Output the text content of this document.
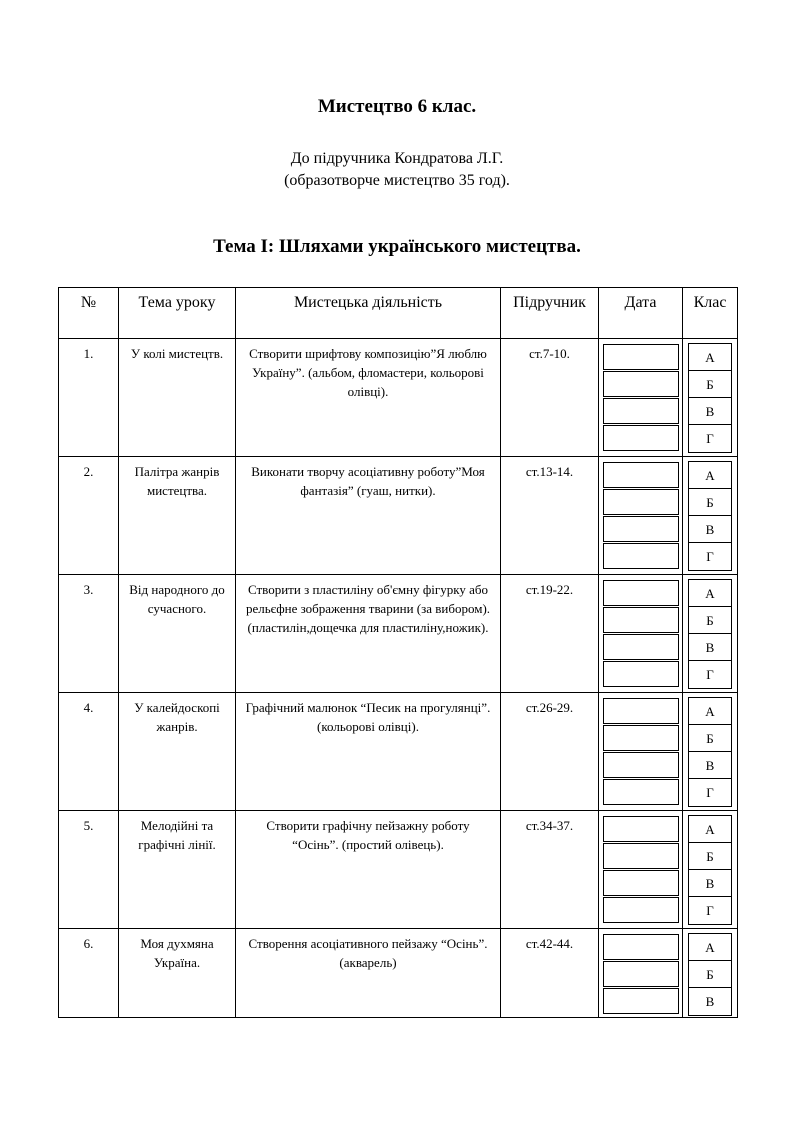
Мистецтво 6 клас.
До підручника Кондратова Л.Г.
(образотворче мистецтво 35 год).
Тема І: Шляхами українського мистецтва.
№	Тема уроку	Мистецька діяльність	Підручник	Дата	Клас
1.	У колі мистецтв.	Створити шрифтову композицію”Я люблю Україну”. (альбом, фломастери, кольорові олівці).	ст.7-10.		А
Б
В
Г

2.	Палітра жанрів мистецтва.	Виконати творчу асоціативну роботу”Моя фантазія” (гуаш, нитки).	ст.13-14.		А
Б
В
Г

3.	Від народного до сучасного.	Створити з пластиліну об'ємну фігурку або рельєфне зображення тварини (за вибором). (пластилін,дощечка для пластиліну,ножик).	ст.19-22.		А
Б
В
Г

4.	У калейдоскопі жанрів.	Графічний малюнок “Песик на прогулянці”. (кольорові олівці).	ст.26-29.		А
Б
В
Г

5.	Мелодійні та графічні лінії.	Створити графічну пейзажну роботу “Осінь”. (простий олівець).	ст.34-37.		А
Б
В
Г

6.	Моя духмяна Україна.	Створення асоціативного пейзажу “Осінь”. (акварель)	ст.42-44.		А
Б
В
